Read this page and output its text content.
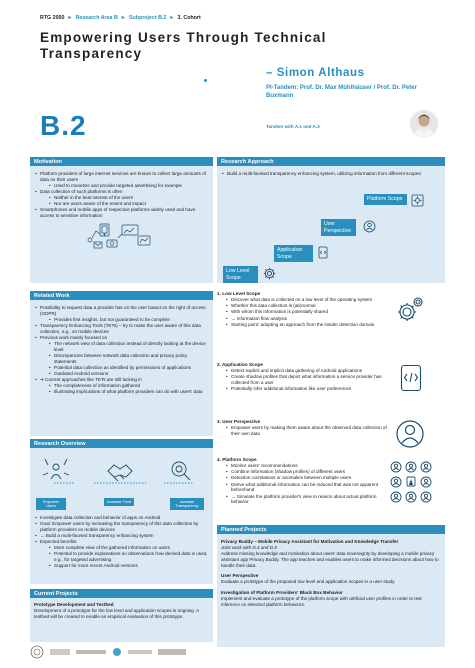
RTG 2050  ►  Research Area B  ►  Subproject B.2  ►  3. Cohort
Empowering Users Through Technical Transparency
– Simon Althaus
PI-Tandem: Prof. Dr. Max Mühlhäuser / Prof. Dr. Peter Buxmann
B.2	Tandem with A.1 and A.3
Motivation
• Platform providers of large internet services are known to collect large amounts of data on their users
• Used to monetize and provide targeted advertising for example
• Data collection of such platforms is often
• Neither in the best interest of the users
• Nor are users aware of the extent and impact
• Smartphones and mobile apps of respective platforms widely used and have access to sensitive information
Research Approach
• Build a multi-faceted transparency enhancing system, utilizing information from different scopes:
Platform Scope
User Perspective
Application Scope
Low Level Scope
Related Work
• Possibility to request data a provider has on the user based on the right of access (GDPR)
• Provides first insights, but not guaranteed to be complete
• Transparency Enhancing Tools (TETs) – try to make the user aware of this data collection, e.g., on mobile devices
• Previous work mainly focused on
• The network view of data collection instead of directly looking at the device level
• Discrepancies between network data collection and privacy policy statements
• Potential data collection as identified by permissions of applications
• Outdated Android versions
• ➔ Current approaches like TETs are still lacking in
• The completeness of information gathered
• Illustrating implications of what platform providers can do with users' data
1. Low Level Scope
• Discover what data is collected on a low level of the operating system
• Whether this data collection is (ab)normal
• With whom this information is potentially shared
• → information flow analysis
• Starting point: adopting an approach from the insider detection domain
2. Application Scope
• Detect explicit and implicit data gathering of Android applications
• Create shadow profiles that depict what information a service provider has collected from a user
• Potentially infer additional information like user preferences
3. User Perspective
• Empower users by making them aware about the observed data collection of their own data
4. Platform Scope
• Monitor users' recommendations
• Combine information (shadow profiles) of different users
• Detection correlations or anomalies between multiple users
• Derive what additional information can be induced that was not apparent beforehand
• → Simulate the platform provider's view to reason about actual platform behavior
Research Overview
Empower Users
Increase Trust	Increase Transparency
• Investigate data collection and behavior of apps on Android
• Goal: Empower users by increasing the transparency of this data collection by platform providers on mobile devices
• → Build a multi-faceted transparency enhancing system
• Expected benefits
• More complete view of the gathered information on users
• Potential to provide explanations on observations how derived data is used, e.g., for targeted advertising
• Support for more recent Android versions
Current Projects
Prototype Development and Testbed
Development of a prototype for the low level and application scopes is ongoing. A testbed will be created to enable an empirical evaluation of this prototype.
Planned Projects
Privacy Buddy – Mobile Privacy Assistant for Motivation and Knowledge Transfer
Joint work with D.4 and D.5
Address missing knowledge and motivation about users' data sovereignty by developing a mobile privacy assistant app Privacy Buddy. The app teaches and enables users to make informed decisions about how to handle their data.
User Perspective
Evaluate a prototype of the proposed low level and application scopes in a user study.
Investigation of Platform Providers' Black Box Behavior
Implement and evaluate a prototype of the platform scope with artificial user profiles in order to test inference on selected platform behaviors.
